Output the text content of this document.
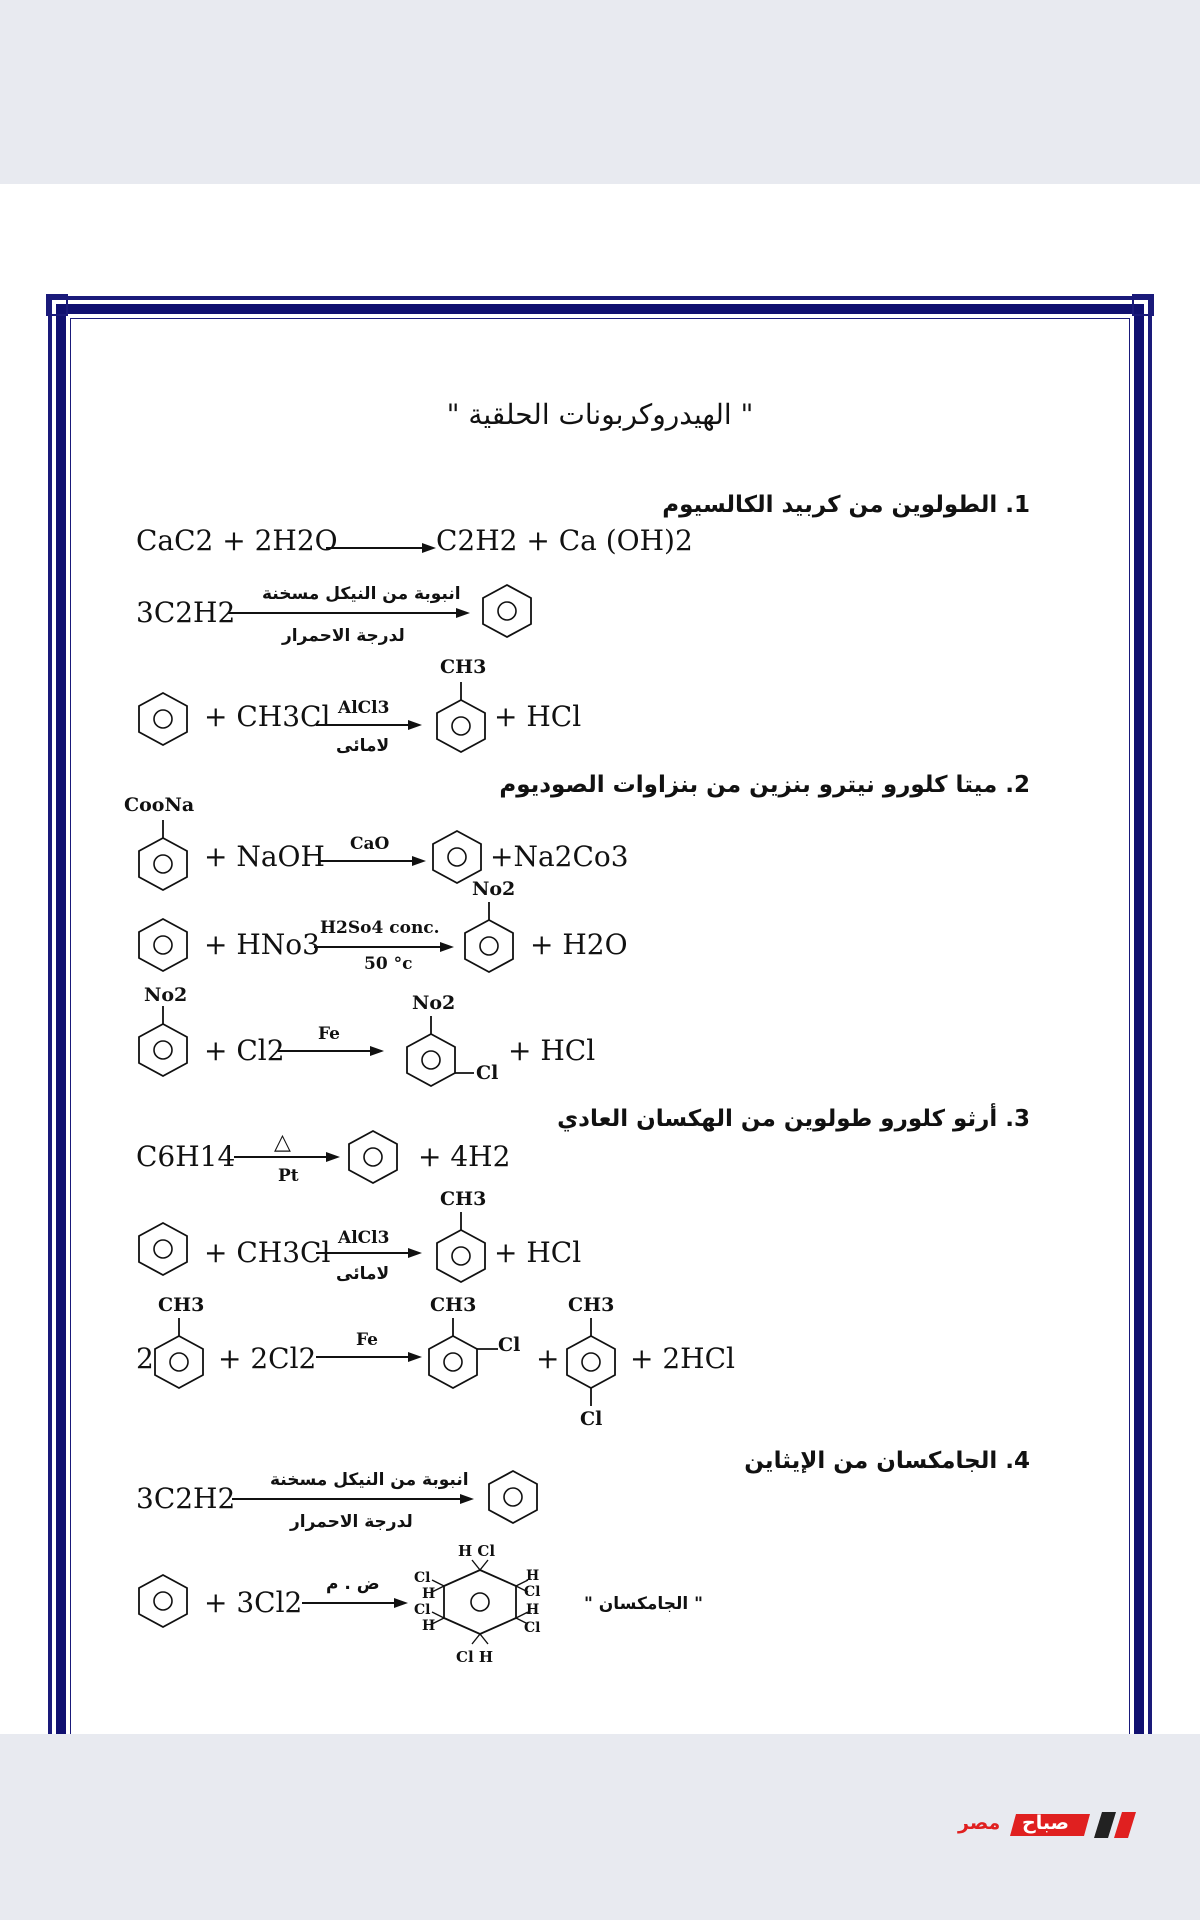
" الهيدروكربونات الحلقية "
1. الطولوين من كربيد الكالسيوم
2. ميتا كلورو نيترو بنزين من بنزاوات الصوديوم
3. أرثو كلورو طولوين من الهكسان العادي
4. الجامكسان من الإيثاين
CaC2 + 2H2O	C2H2 + Ca (OH)2
3C2H2
انبوبة من النيكل مسخنة
لدرجة الاحمرار
+ CH3Cl AlCl3
لامائى
CH3
+ HCl
CooNa
+ NaOH CaO	+Na2Co3
+ HNo3 H2So4 conc.
50 °c
No2
+ H2O
No2
+ Cl2 Fe
No2
Cl
+ HCl
C6H14 △
Pt
+ 4H2
+ CH3Cl AlCl3
لامائى
CH3
+ HCl
2
CH3
+ 2Cl2
Fe
CH3
Cl +
CH3
Cl
+ 2HCl
3C2H2
انبوبة من النيكل مسخنة
لدرجة الاحمرار
+ 3Cl2
ض . م
H Cl
Cl H
Cl
H
Cl
H
H
Cl
H
Cl
" الجامكسان "
صباح
مصر
